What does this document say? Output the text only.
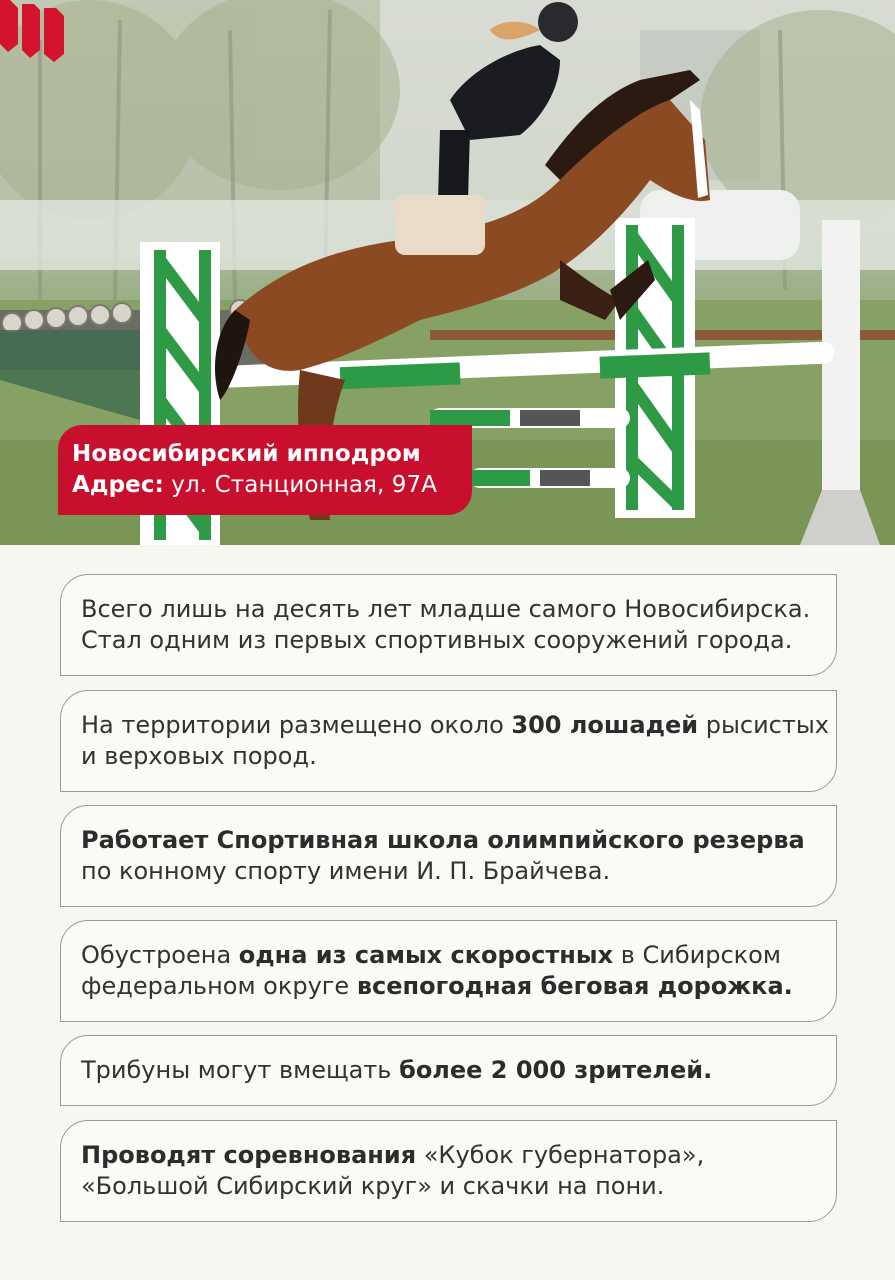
Новосибирский ипподром
Адрес: ул. Станционная, 97А
Всего лишь на десять лет младше самого Новосибирска. Стал одним из первых спортивных сооружений города.
На территории размещено около 300 лошадей рысистых и верховых пород.
Работает Спортивная школа олимпийского резерва по конному спорту имени И. П. Брайчева.
Обустроена одна из самых скоростных в Сибирском федеральном округе всепогодная беговая дорожка.
Трибуны могут вмещать более 2 000 зрителей.
Проводят соревнования «Кубок губернатора», «Большой Сибирский круг» и скачки на пони.
